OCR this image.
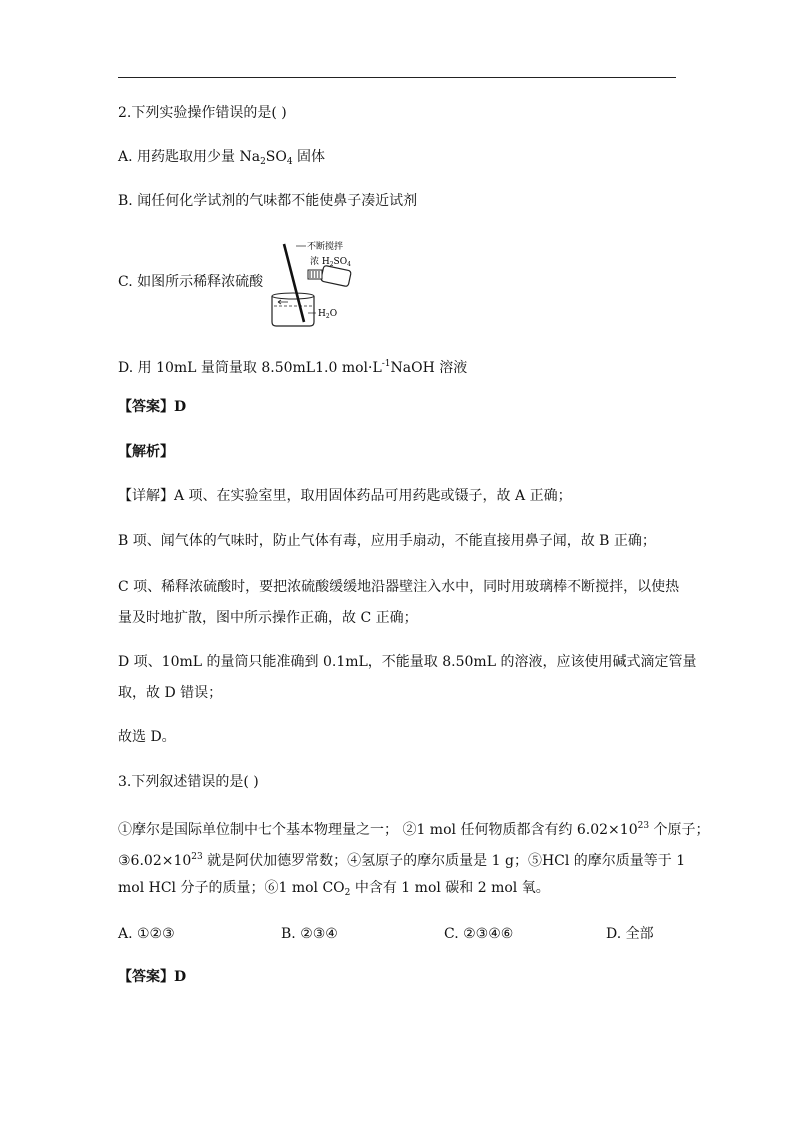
2.下列实验操作错误的是( )
A. 用药匙取用少量 $Na_2SO_4$ 固体
B. 闻任何化学试剂的气味都不能使鼻子凑近试剂
C. 如图所示稀释浓硫酸
不断搅拌
浓 $H_2SO_4$
$H_2O$
D. 用 10mL 量筒量取 8.50mL1.0 $mol\cdot L^{-1}NaOH$ 溶液
【答案】D
【解析】
【详解】A 项、在实验室里，取用固体药品可用药匙或镊子，故 A 正确；
B 项、闻气体的气味时，防止气体有毒，应用手扇动，不能直接用鼻子闻，故 B 正确；
C 项、稀释浓硫酸时，要把浓硫酸缓缓地沿器壁注入水中，同时用玻璃棒不断搅拌，以使热
量及时地扩散，图中所示操作正确，故 C 正确；
D 项、10mL 的量筒只能准确到 0.1mL，不能量取 8.50mL 的溶液，应该使用碱式滴定管量
取，故 D 错误；
故选 D。
3.下列叙述错误的是( )
①摩尔是国际单位制中七个基本物理量之一； ②1 mol 任何物质都含有约 $6.02\times 10^{23}$ 个原子；
$③6.02\times 10^{23}$ 就是阿伏加德罗常数；④氢原子的摩尔质量是 1 g；⑤HCl 的摩尔质量等于 1
mol HCl 分子的质量；⑥1 mol $CO_2$ 中含有 1 mol 碳和 2 mol 氧。
A. ①②③	B. ②③④	C. ②③④⑥	D. 全部
【答案】D
